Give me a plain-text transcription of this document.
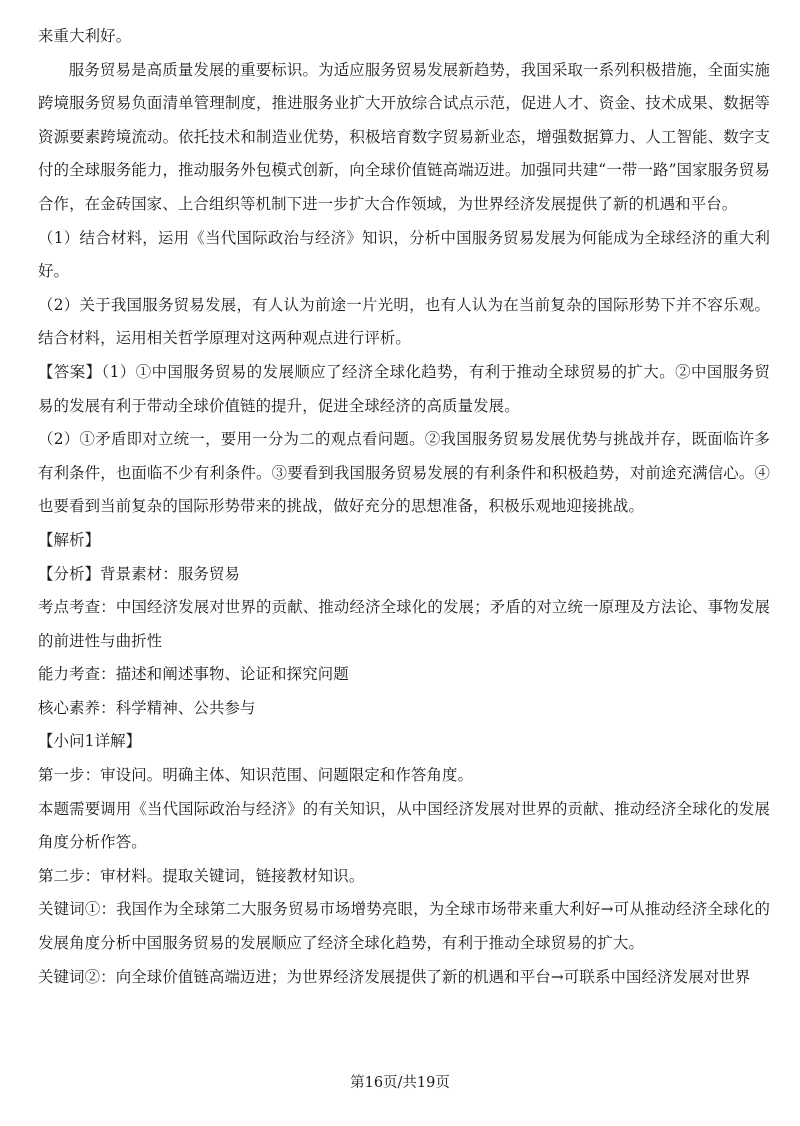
来重大利好。

服务贸易是高质量发展的重要标识。为适应服务贸易发展新趋势，我国采取一系列积极措施，全面实施跨境服务贸易负面清单管理制度，推进服务业扩大开放综合试点示范，促进人才、资金、技术成果、数据等资源要素跨境流动。依托技术和制造业优势，积极培育数字贸易新业态，增强数据算力、人工智能、数字支付的全球服务能力，推动服务外包模式创新，向全球价值链高端迈进。加强同共建“一带一路”国家服务贸易合作，在金砖国家、上合组织等机制下进一步扩大合作领域，为世界经济发展提供了新的机遇和平台。

（1）结合材料，运用《当代国际政治与经济》知识，分析中国服务贸易发展为何能成为全球经济的重大利好。

（2）关于我国服务贸易发展，有人认为前途一片光明，也有人认为在当前复杂的国际形势下并不容乐观。结合材料，运用相关哲学原理对这两种观点进行评析。

【答案】（1）①中国服务贸易的发展顺应了经济全球化趋势，有利于推动全球贸易的扩大。②中国服务贸易的发展有利于带动全球价值链的提升，促进全球经济的高质量发展。

（2）①矛盾即对立统一，要用一分为二的观点看问题。②我国服务贸易发展优势与挑战并存，既面临许多有利条件，也面临不少有利条件。③要看到我国服务贸易发展的有利条件和积极趋势，对前途充满信心。④也要看到当前复杂的国际形势带来的挑战，做好充分的思想准备，积极乐观地迎接挑战。

【解析】

【分析】背景素材：服务贸易

考点考查：中国经济发展对世界的贡献、推动经济全球化的发展；矛盾的对立统一原理及方法论、事物发展的前进性与曲折性

能力考查：描述和阐述事物、论证和探究问题

核心素养：科学精神、公共参与

【小问1详解】

第一步：审设问。明确主体、知识范围、问题限定和作答角度。

本题需要调用《当代国际政治与经济》的有关知识，从中国经济发展对世界的贡献、推动经济全球化的发展角度分析作答。

第二步：审材料。提取关键词，链接教材知识。

关键词①：我国作为全球第二大服务贸易市场增势亮眼，为全球市场带来重大利好→可从推动经济全球化的发展角度分析中国服务贸易的发展顺应了经济全球化趋势，有利于推动全球贸易的扩大。

关键词②：向全球价值链高端迈进；为世界经济发展提供了新的机遇和平台→可联系中国经济发展对世界

第16页/共19页
